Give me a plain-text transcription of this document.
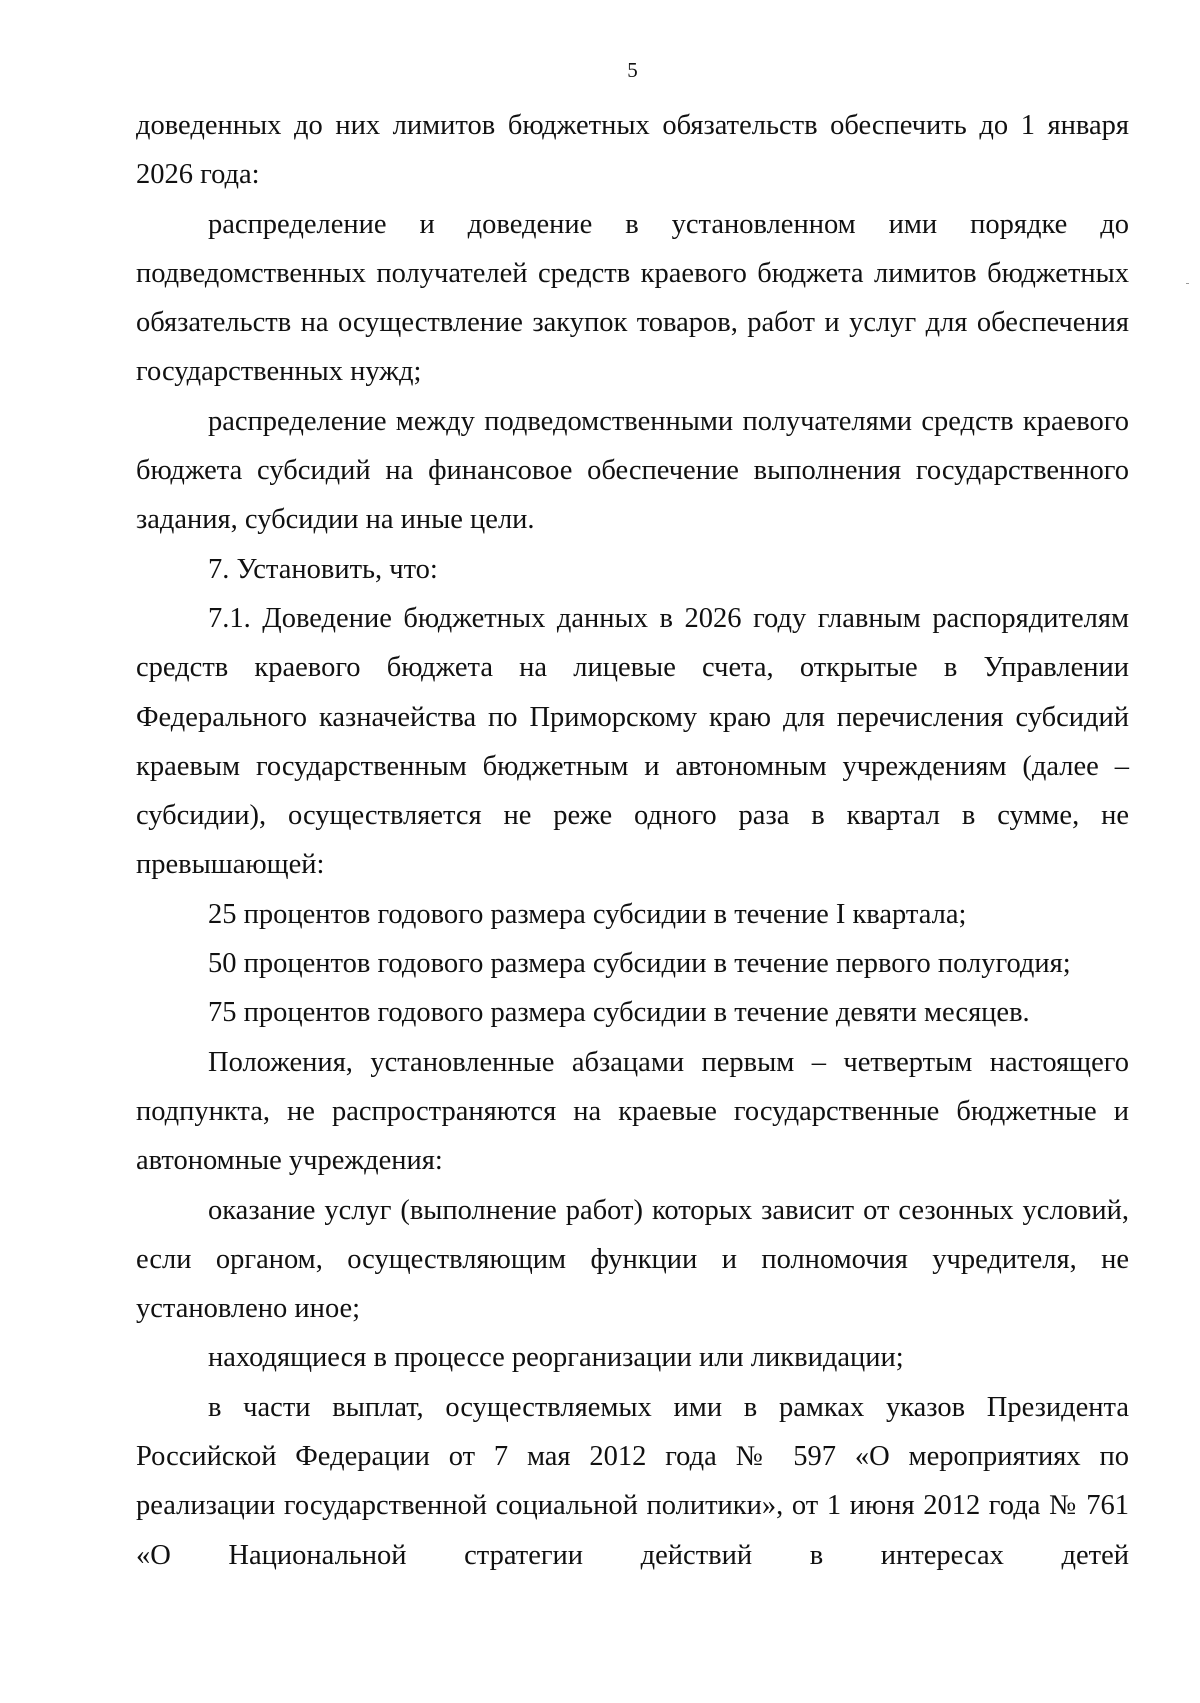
5

доведенных до них лимитов бюджетных обязательств обеспечить до 1 января 2026 года:

распределение и доведение в установленном ими порядке до подведомственных получателей средств краевого бюджета лимитов бюджетных обязательств на осуществление закупок товаров, работ и услуг для обеспечения государственных нужд;

распределение между подведомственными получателями средств краевого бюджета субсидий на финансовое обеспечение выполнения государственного задания, субсидии на иные цели.

7. Установить, что:

7.1. Доведение бюджетных данных в 2026 году главным распорядителям средств краевого бюджета на лицевые счета, открытые в Управлении Федерального казначейства по Приморскому краю для перечисления субсидий краевым государственным бюджетным и автономным учреждениям (далее – субсидии), осуществляется не реже одного раза в квартал в сумме, не превышающей:

25 процентов годового размера субсидии в течение I квартала;

50 процентов годового размера субсидии в течение первого полугодия;

75 процентов годового размера субсидии в течение девяти месяцев.

Положения, установленные абзацами первым – четвертым настоящего подпункта, не распространяются на краевые государственные бюджетные и автономные учреждения:

оказание услуг (выполнение работ) которых зависит от сезонных условий, если органом, осуществляющим функции и полномочия учредителя, не установлено иное;

находящиеся в процессе реорганизации или ликвидации;

в части выплат, осуществляемых ими в рамках указов Президента Российской Федерации от 7 мая 2012 года № 597 «О мероприятиях по реализации государственной социальной политики», от 1 июня 2012 года № 761 «О Национальной стратегии действий в интересах детей
